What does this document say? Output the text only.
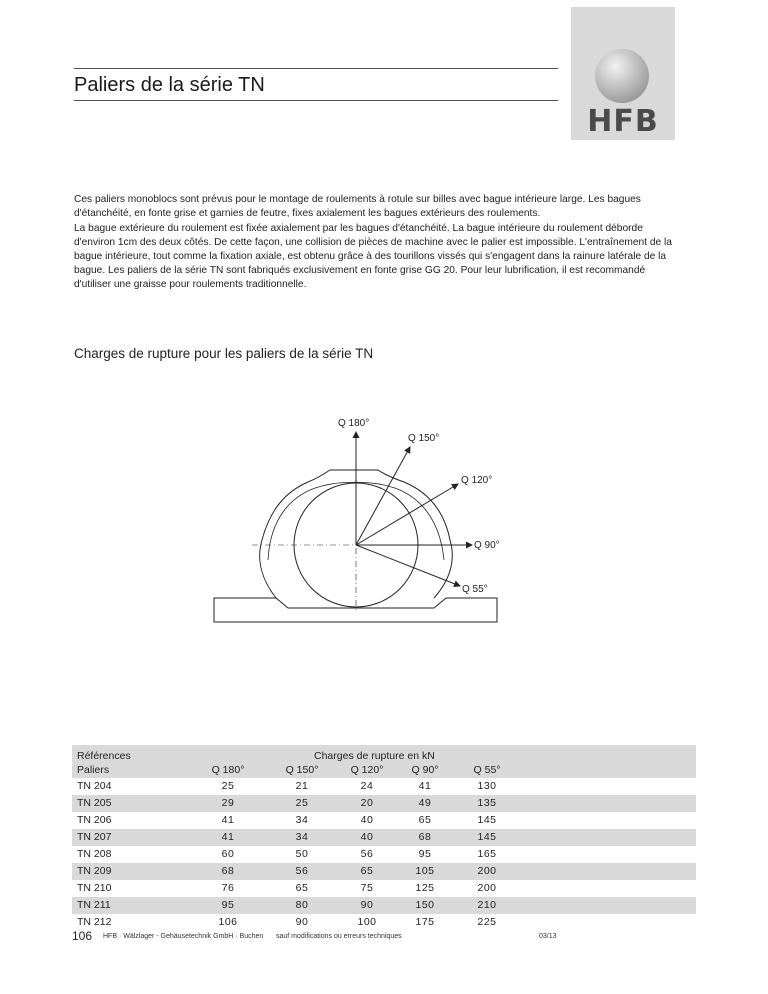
Paliers de la série TN
HFB

Ces paliers monoblocs sont prévus pour le montage de roulements à rotule sur billes avec bague intérieure large. Les bagues d'étanchéité, en fonte grise et garnies de feutre, fixes axialement les bagues extérieurs des roulements.

La bague extérieure du roulement est fixée axialement par les bagues d'étanchéité. La bague intérieure du roulement déborde d'environ 1cm des deux côtés. De cette façon, une collision de pièces de machine avec le palier est impossible. L'entraînement de la bague intérieure, tout comme la fixation axiale, est obtenu grâce à des tourillons vissés qui s'engagent dans la rainure latérale de la bague. Les paliers de la série TN sont fabriqués exclusivement en fonte grise GG 20. Pour leur lubrification, il est recommandé d'utiliser une graisse pour roulements traditionnelle.

Charges de rupture pour les paliers de la série TN
Q 180°
Q 150°
Q 120°
Q 90°
Q 55°
Références
Paliers
Charges de rupture en kN
Q 180°	Q 150°	Q 120°	Q 90°	Q 55°
TN 204	25	21	24	41	130
TN 205	29	25	20	49	135
TN 206	41	34	40	65	145
TN 207	41	34	40	68	145
TN 208	60	50	56	95	165
TN 209	68	56	65	105	200
TN 210	76	65	75	125	200
TN 211	95	80	90	150	210
TN 212	106	90	100	175	225
106 HFB · Wälzlager - Gehäusetechnik GmbH · Buchen sauf modifications ou erreurs techniques	03/13
